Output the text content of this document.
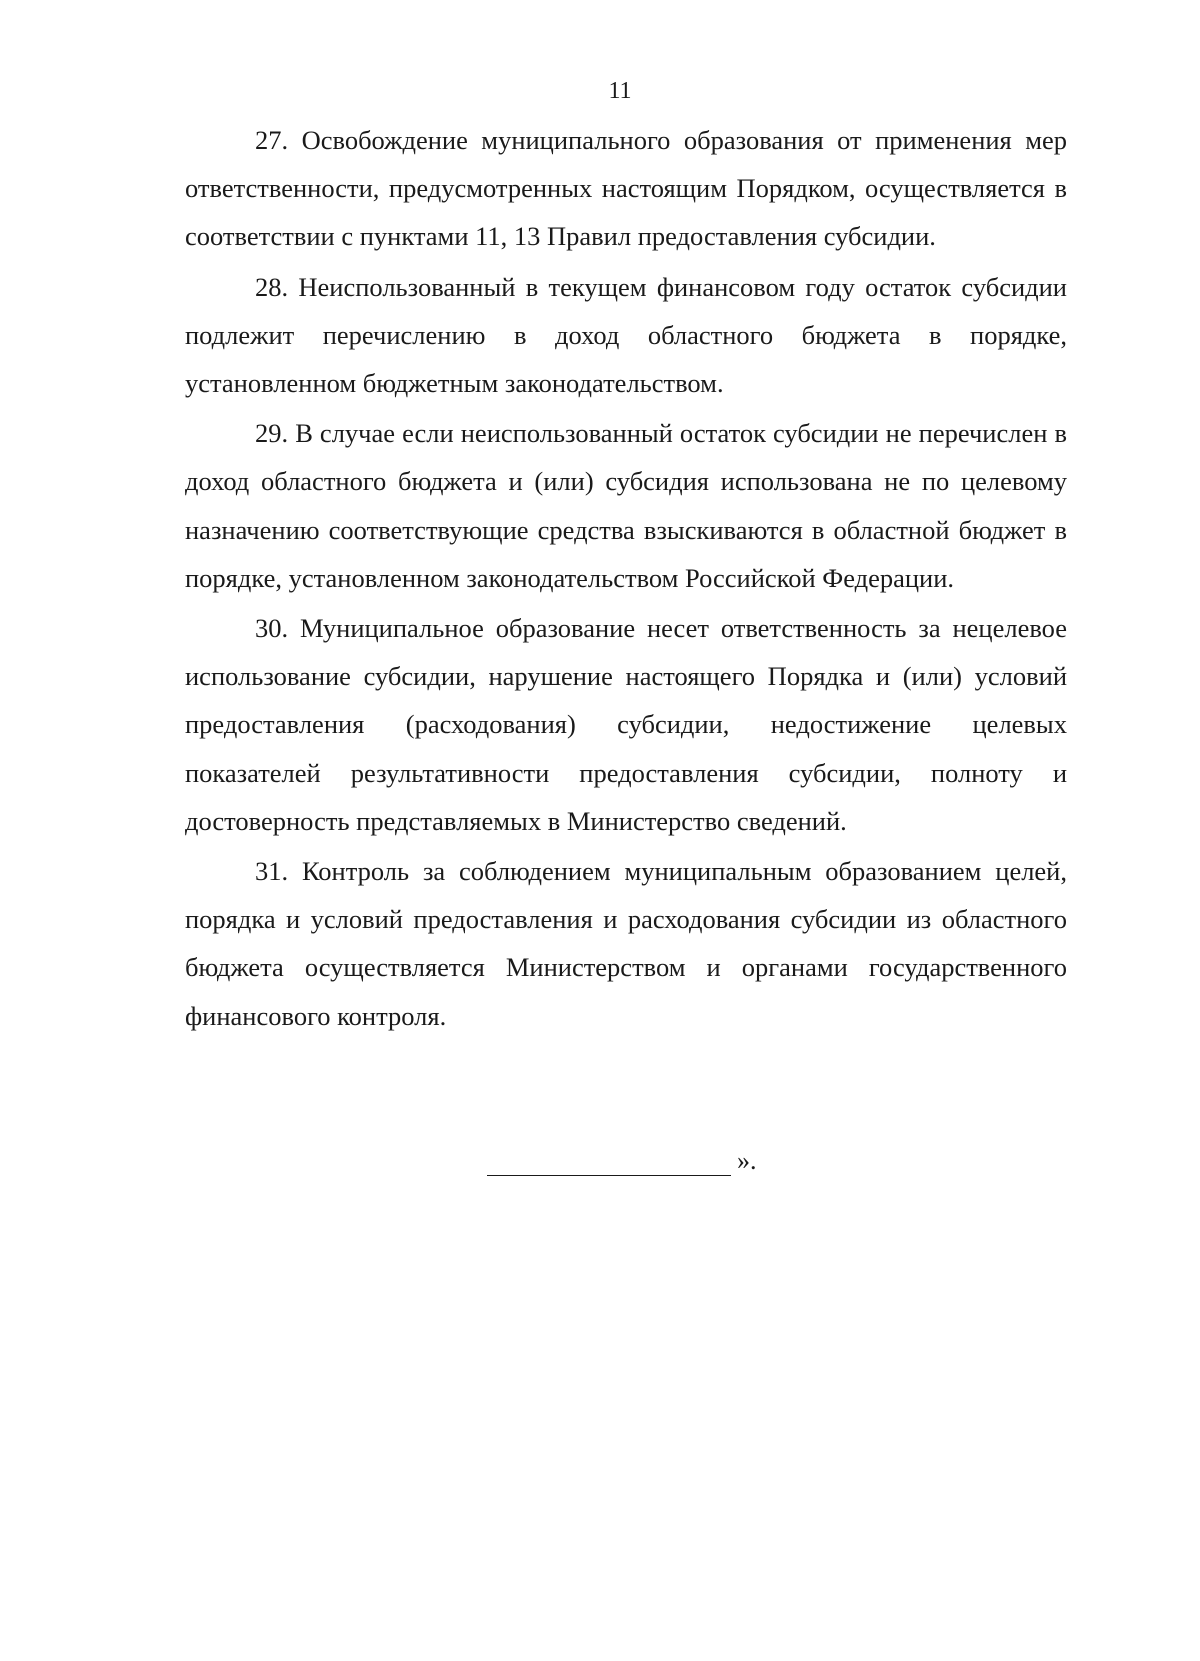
11

27. Освобождение муниципального образования от применения мер ответственности, предусмотренных настоящим Порядком, осуществляется в соответствии с пунктами 11, 13 Правил предоставления субсидии.

28. Неиспользованный в текущем финансовом году остаток субсидии подлежит перечислению в доход областного бюджета в порядке, установленном бюджетным законодательством.

29. В случае если неиспользованный остаток субсидии не перечислен в доход областного бюджета и (или) субсидия использована не по целевому назначению соответствующие средства взыскиваются в областной бюджет в порядке, установленном законодательством Российской Федерации.

30. Муниципальное образование несет ответственность за нецелевое использование субсидии, нарушение настоящего Порядка и (или) условий предоставления (расходования) субсидии, недостижение целевых показателей результативности предоставления субсидии, полноту и достоверность представляемых в Министерство сведений.

31. Контроль за соблюдением муниципальным образованием целей, порядка и условий предоставления и расходования субсидии из областного бюджета осуществляется Министерством и органами государственного финансового контроля.

».
